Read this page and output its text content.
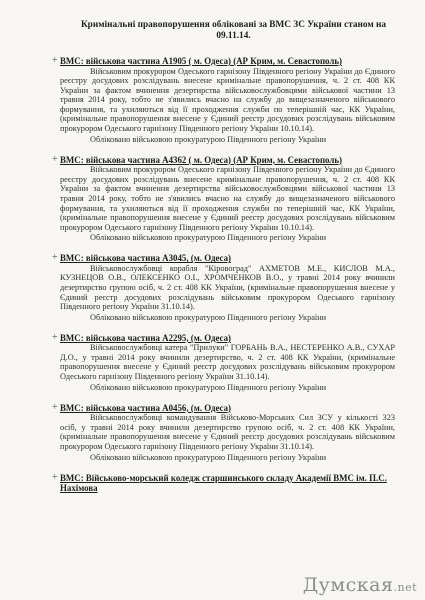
Кримінальні правопорушення обліковані за ВМС ЗС України станом на 09.11.14.
+ ВМС: військова частина А1905 ( м. Одеса) (АР Крим, м. Севастополь)
Військовим прокурором Одеського гарнізону Південного регіону України до Єдиного реєстру досудових розслідувань внесене кримінальне правопорушення, ч. 2 ст. 408 КК України за фактом вчинення дезертирства військовослужбовцями військової частини 13 травня 2014 року, тобто не з'явились вчасно на службу до вищезазначеного військового формування, та ухиляються від її проходження служби по теперішній час, КК України, (кримінальне правопорушення внесене у Єдиний реєстр досудових розслідувань військовим прокурором Одеського гарнізону Південного регіону України 10.10.14).
Обліковано військовою прокуратурою Південного регіону України
+ ВМС: військова частина А4362 ( м. Одеса) (АР Крим, м. Севастополь)
Військовим прокурором Одеського гарнізону Південного регіону України до Єдиного реєстру досудових розслідувань внесене кримінальне правопорушення, ч. 2 ст. 408 КК України за фактом вчинення дезертирства військовослужбовцями військової частини 13 травня 2014 року, тобто не з'явились вчасно на службу до вищезазначеного військового формування, та ухиляються від її проходження служби по теперішній час, КК України, (кримінальне правопорушення внесене у Єдиний реєстр досудових розслідувань військовим прокурором Одеського гарнізону Південного регіону України 10.10.14).
Обліковано військовою прокуратурою Південного регіону України
+ ВМС: військова частина А3045, (м. Одеса)
Військовослужбовці корабля "Кіровоград" АХМЕТОВ М.Е., КИСЛОВ М.А., КУЗНЕЦОВ О.В., ОЛЕКСЕНКО О.І., ХРОМЧЕНКОВ В.О., у травні 2014 року вчинили дезертирство групою осіб, ч. 2 ст. 408 КК України, (кримінальне правопорушення внесене у Єдиний реєстр досудових розслідувань військовим прокурором Одеського гарнізону Південного регіону України 31.10.14).
Обліковано військовою прокуратурою Південного регіону України
+ ВМС: військова частина А2295, (м. Одеса)
Військовослужбовці катера "Прилуки" ГОРБАНЬ В.А., НЕСТЕРЕНКО А.В., СУХАР Д.О., у травні 2014 року вчинили дезертирство, ч. 2 ст. 408 КК України, (кримінальне правопорушення внесене у Єдиний реєстр досудових розслідувань військовим прокурором Одеського гарнізону Південного регіону України 31.10.14).
Обліковано військовою прокуратурою Південного регіону України
+ ВМС: військова частина А0456, (м. Одеса)
Військовослужбовці командування Військово-Морських Сил ЗСУ у кількості 323 осіб, у травні 2014 року вчинили дезертирство групою осіб, ч. 2 ст. 408 КК України, (кримінальне правопорушення внесене у Єдиний реєстр досудових розслідувань військовим прокурором Одеського гарнізону Південного регіону України 31.10.14).
Обліковано військовою прокуратурою Південного регіону України
+ ВМС: Військово-морський коледж старшинського складу Академії ВМС ім. П.С. Нахімова
Думская.net
